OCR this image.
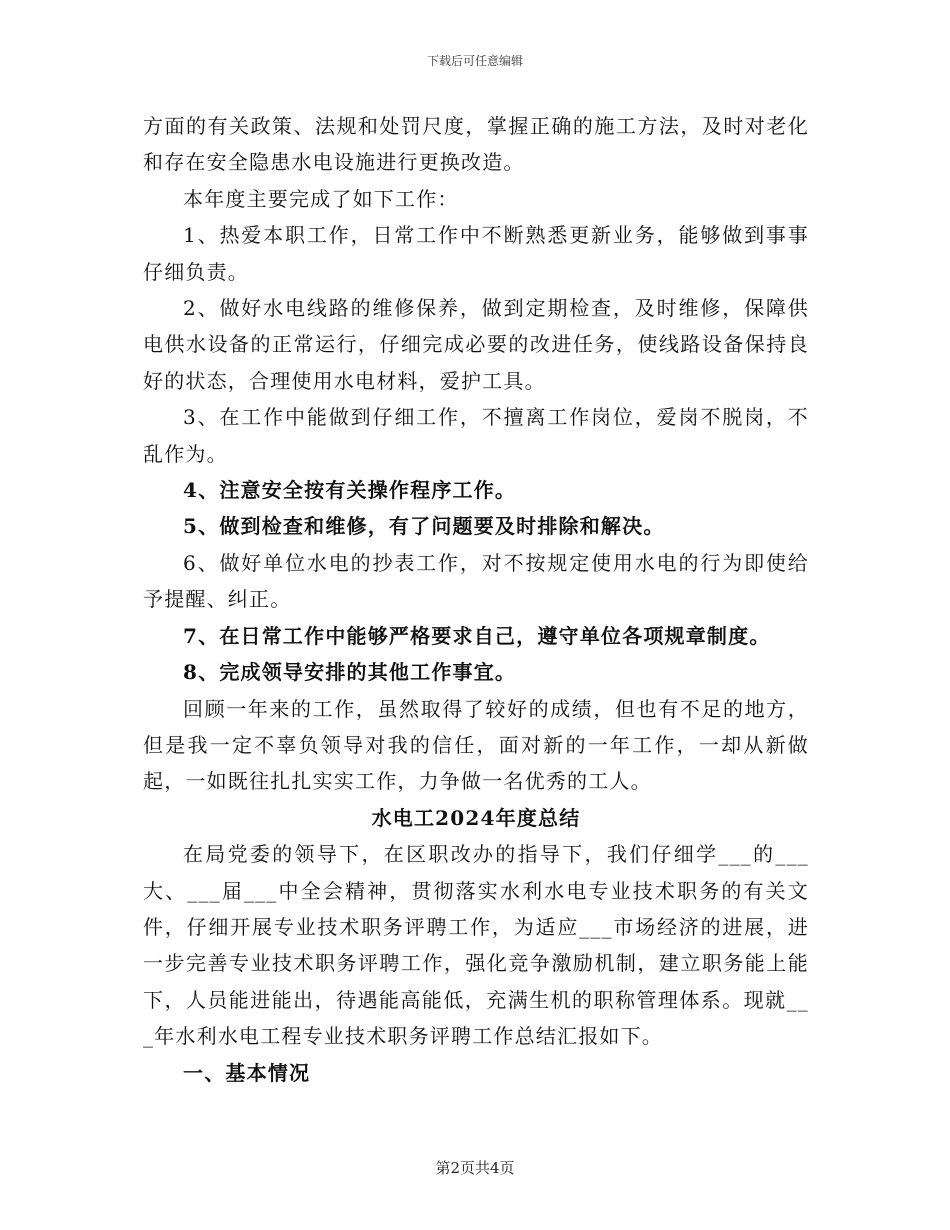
下载后可任意编辑

方面的有关政策、法规和处罚尺度，掌握正确的施工方法，及时对老化和存在安全隐患水电设施进行更换改造。

本年度主要完成了如下工作：

1、热爱本职工作，日常工作中不断熟悉更新业务，能够做到事事仔细负责。

2、做好水电线路的维修保养，做到定期检查，及时维修，保障供电供水设备的正常运行，仔细完成必要的改进任务，使线路设备保持良好的状态，合理使用水电材料，爱护工具。

3、在工作中能做到仔细工作，不擅离工作岗位，爱岗不脱岗，不乱作为。

4、注意安全按有关操作程序工作。

5、做到检查和维修，有了问题要及时排除和解决。

6、做好单位水电的抄表工作，对不按规定使用水电的行为即使给予提醒、纠正。

7、在日常工作中能够严格要求自己，遵守单位各项规章制度。

8、完成领导安排的其他工作事宜。

回顾一年来的工作，虽然取得了较好的成绩，但也有不足的地方，但是我一定不辜负领导对我的信任，面对新的一年工作，一却从新做起，一如既往扎扎实实工作，力争做一名优秀的工人。

水电工2024年度总结

在局党委的领导下，在区职改办的指导下，我们仔细学___的___大、___届___中全会精神，贯彻落实水利水电专业技术职务的有关文件，仔细开展专业技术职务评聘工作，为适应___市场经济的进展，进一步完善专业技术职务评聘工作，强化竞争激励机制，建立职务能上能下，人员能进能出，待遇能高能低，充满生机的职称管理体系。现就___年水利水电工程专业技术职务评聘工作总结汇报如下。

一、基本情况

第2页共4页
